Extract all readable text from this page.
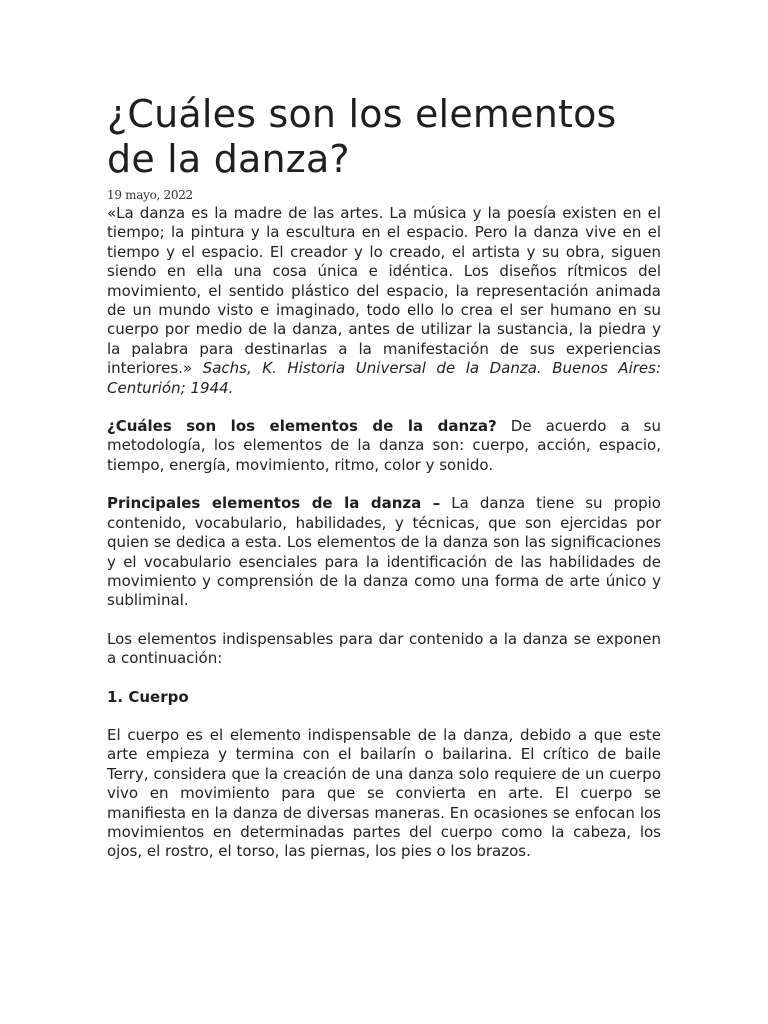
¿Cuáles son los elementos de la danza?
19 mayo, 2022

«La danza es la madre de las artes. La música y la poesía existen en el tiempo; la pintura y la escultura en el espacio. Pero la danza vive en el tiempo y el espacio. El creador y lo creado, el artista y su obra, siguen siendo en ella una cosa única e idéntica. Los diseños rítmicos del movimiento, el sentido plástico del espacio, la representación animada de un mundo visto e imaginado, todo ello lo crea el ser humano en su cuerpo por medio de la danza, antes de utilizar la sustancia, la piedra y la palabra para destinarlas a la manifestación de sus experiencias interiores.» Sachs, K. Historia Universal de la Danza. Buenos Aires: Centurión; 1944.

¿Cuáles son los elementos de la danza? De acuerdo a su metodología, los elementos de la danza son: cuerpo, acción, espacio, tiempo, energía, movimiento, ritmo, color y sonido.

Principales elementos de la danza – La danza tiene su propio contenido, vocabulario, habilidades, y técnicas, que son ejercidas por quien se dedica a esta. Los elementos de la danza son las significaciones y el vocabulario esenciales para la identificación de las habilidades de movimiento y comprensión de la danza como una forma de arte único y subliminal.

Los elementos indispensables para dar contenido a la danza se exponen a continuación:

1. Cuerpo

El cuerpo es el elemento indispensable de la danza, debido a que este arte empieza y termina con el bailarín o bailarina. El crítico de baile Terry, considera que la creación de una danza solo requiere de un cuerpo vivo en movimiento para que se convierta en arte. El cuerpo se manifiesta en la danza de diversas maneras. En ocasiones se enfocan los movimientos en determinadas partes del cuerpo como la cabeza, los ojos, el rostro, el torso, las piernas, los pies o los brazos.
